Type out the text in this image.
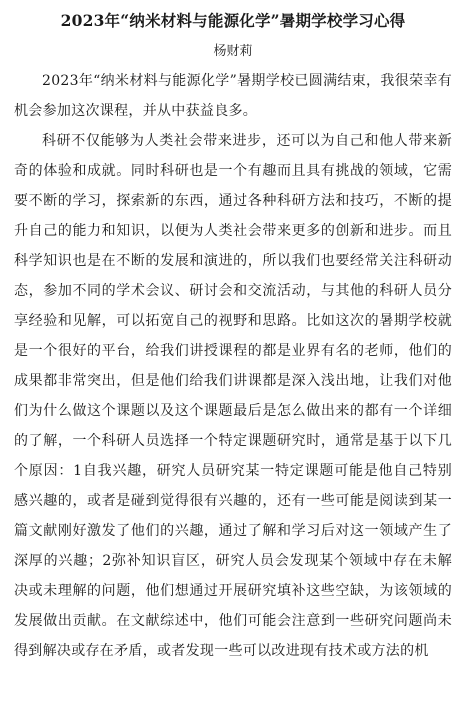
2023年“纳米材料与能源化学”暑期学校学习心得
杨财莉

2023年“纳米材料与能源化学”暑期学校已圆满结束，我很荣幸有机会参加这次课程，并从中获益良多。

科研不仅能够为人类社会带来进步，还可以为自己和他人带来新奇的体验和成就。同时科研也是一个有趣而且具有挑战的领域，它需要不断的学习，探索新的东西，通过各种科研方法和技巧，不断的提升自己的能力和知识，以便为人类社会带来更多的创新和进步。而且科学知识也是在不断的发展和演进的，所以我们也要经常关注科研动态，参加不同的学术会议、研讨会和交流活动，与其他的科研人员分享经验和见解，可以拓宽自己的视野和思路。比如这次的暑期学校就是一个很好的平台，给我们讲授课程的都是业界有名的老师，他们的成果都非常突出，但是他们给我们讲课都是深入浅出地，让我们对他们为什么做这个课题以及这个课题最后是怎么做出来的都有一个详细的了解，一个科研人员选择一个特定课题研究时，通常是基于以下几个原因：1自我兴趣，研究人员研究某一特定课题可能是他自己特别感兴趣的，或者是碰到觉得很有兴趣的，还有一些可能是阅读到某一篇文献刚好激发了他们的兴趣，通过了解和学习后对这一领域产生了深厚的兴趣；2弥补知识盲区，研究人员会发现某个领域中存在未解决或未理解的问题，他们想通过开展研究填补这些空缺，为该领域的发展做出贡献。在文献综述中，他们可能会注意到一些研究问题尚未得到解决或存在矛盾，或者发现一些可以改进现有技术或方法的机
